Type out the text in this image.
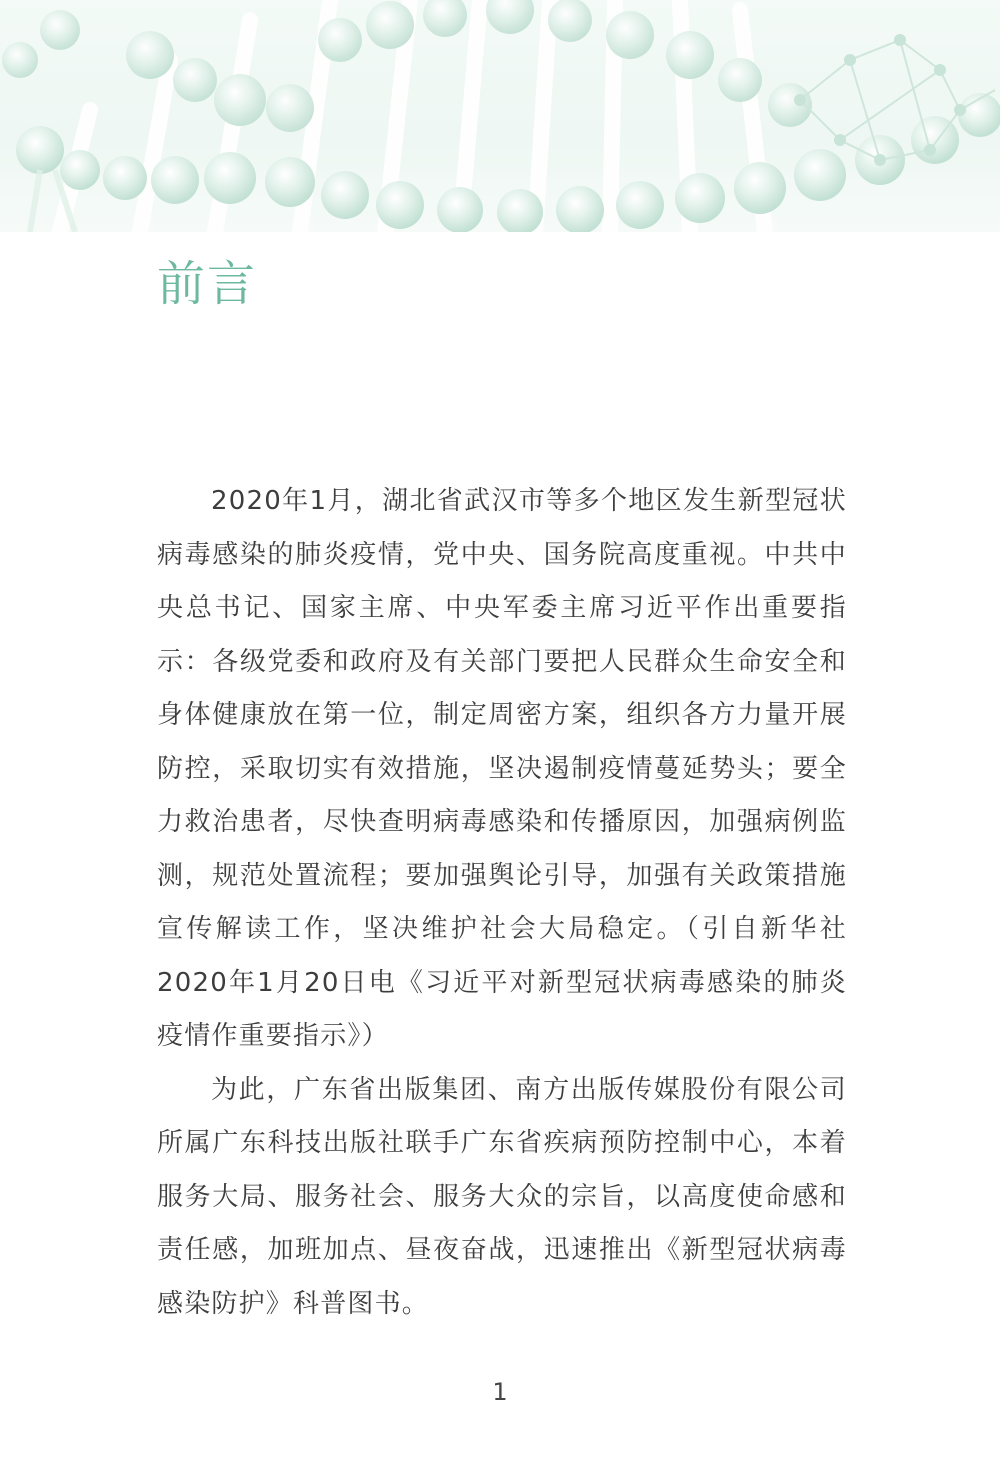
前言

2020年1月，湖北省武汉市等多个地区发生新型冠状病毒感染的肺炎疫情，党中央、国务院高度重视。中共中央总书记、国家主席、中央军委主席习近平作出重要指示：各级党委和政府及有关部门要把人民群众生命安全和身体健康放在第一位，制定周密方案，组织各方力量开展防控，采取切实有效措施，坚决遏制疫情蔓延势头；要全力救治患者，尽快查明病毒感染和传播原因，加强病例监测，规范处置流程；要加强舆论引导，加强有关政策措施宣传解读工作，坚决维护社会大局稳定。（引自新华社2020年1月20日电《习近平对新型冠状病毒感染的肺炎疫情作重要指示》）

为此，广东省出版集团、南方出版传媒股份有限公司所属广东科技出版社联手广东省疾病预防控制中心，本着服务大局、服务社会、服务大众的宗旨，以高度使命感和责任感，加班加点、昼夜奋战，迅速推出《新型冠状病毒感染防护》科普图书。

1
